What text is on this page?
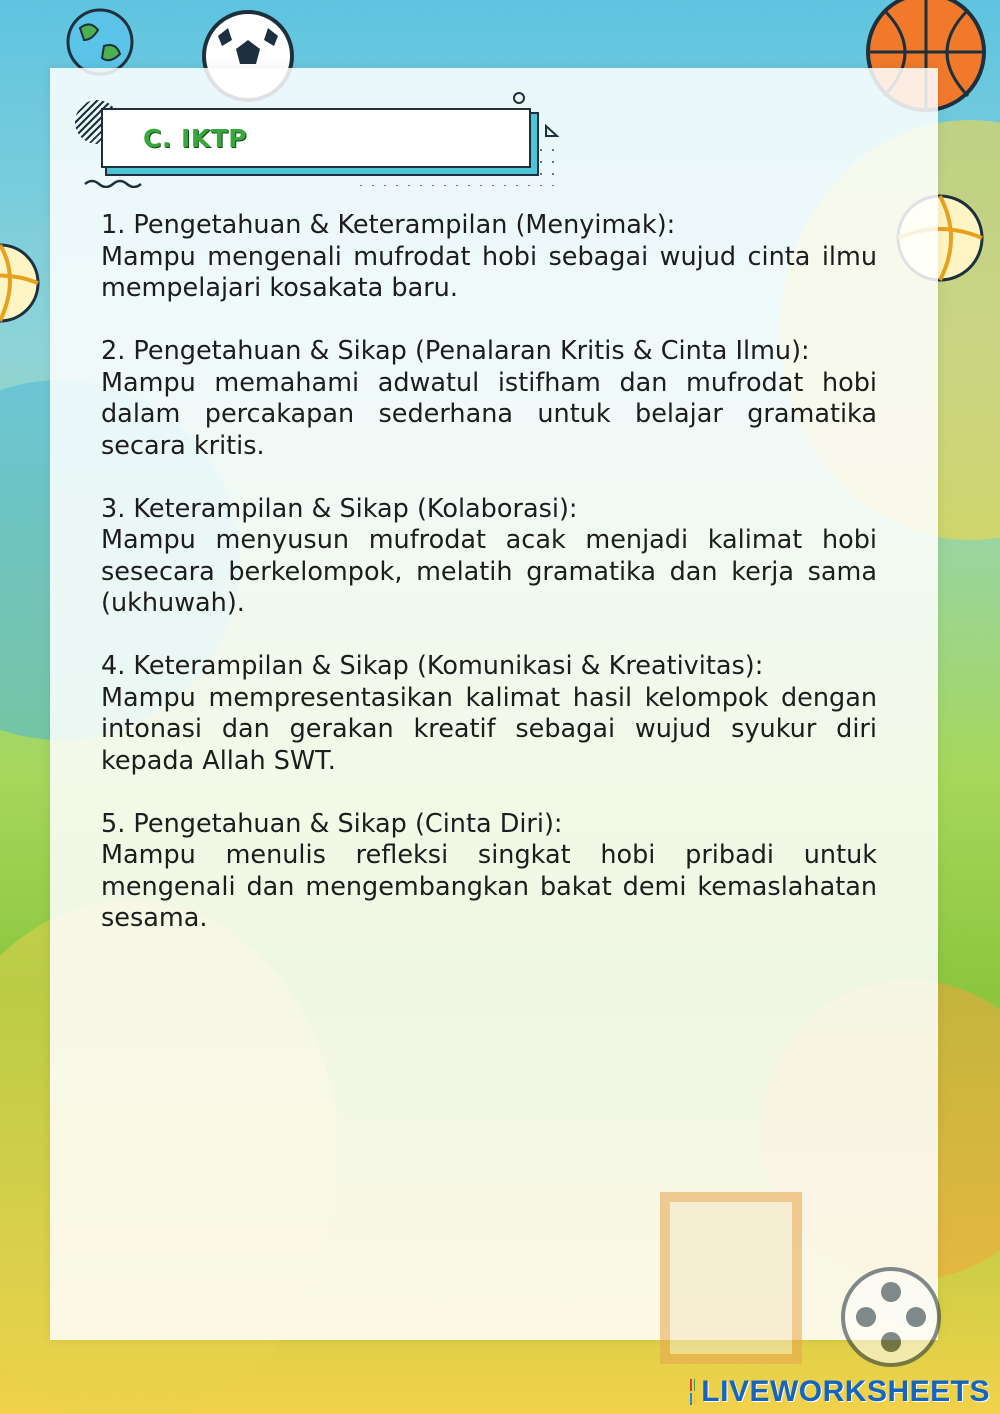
C. IKTP
1. Pengetahuan & Keterampilan (Menyimak):
Mampu mengenali mufrodat hobi sebagai wujud cinta ilmu mempelajari kosakata baru.
2. Pengetahuan & Sikap (Penalaran Kritis & Cinta Ilmu):
Mampu memahami adwatul istifham dan mufrodat hobi dalam percakapan sederhana untuk belajar gramatika secara kritis.
3. Keterampilan & Sikap (Kolaborasi):
Mampu menyusun mufrodat acak menjadi kalimat hobi sesecara berkelompok, melatih gramatika dan kerja sama (ukhuwah).
4. Keterampilan & Sikap (Komunikasi & Kreativitas):
Mampu mempresentasikan kalimat hasil kelompok dengan intonasi dan gerakan kreatif sebagai wujud syukur diri kepada Allah SWT.
5. Pengetahuan & Sikap (Cinta Diri):
Mampu menulis refleksi singkat hobi pribadi untuk mengenali dan mengembangkan bakat demi kemaslahatan sesama.
LIVEWORKSHEETS
